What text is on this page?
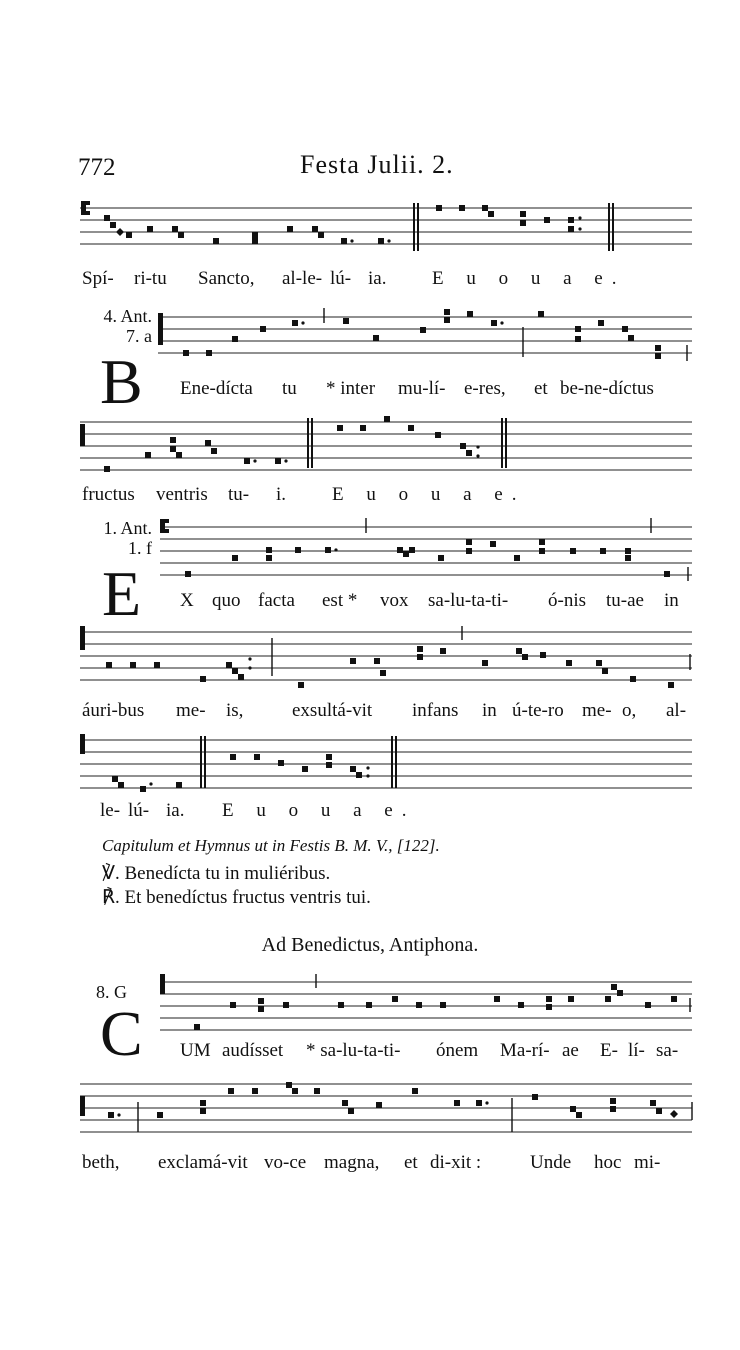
772	Festa Julii. 2.
Spí- ri-tu Sancto, al-le- lú- ia. E u o u a e.
4. Ant.
7. a
B Ene-dícta tu * inter mu-lí- e-res, et be-ne-díctus
fructus ventris tu- i. E u o u a e.
1. Ant.
1. f
E X quo facta est * vox sa-lu-ta-ti- ó-nis tu-ae in
áuri-bus me- is,	exsultá-vit infans in ú-te-ro me- o, al-
le- lú- ia. E u o u a e.
Capitulum et Hymnus ut in Festis B. M. V., [122].
℣. Benedícta tu in muliéribus.
℟. Et benedíctus fructus ventris tui.
Ad Benedictus, Antiphona.
8. G
C UM audísset * sa-lu-ta-ti- ónem Ma-rí- ae E- lí- sa-
beth, exclamá-vit vo-ce magna, et di-xit :	Unde hoc mi-
